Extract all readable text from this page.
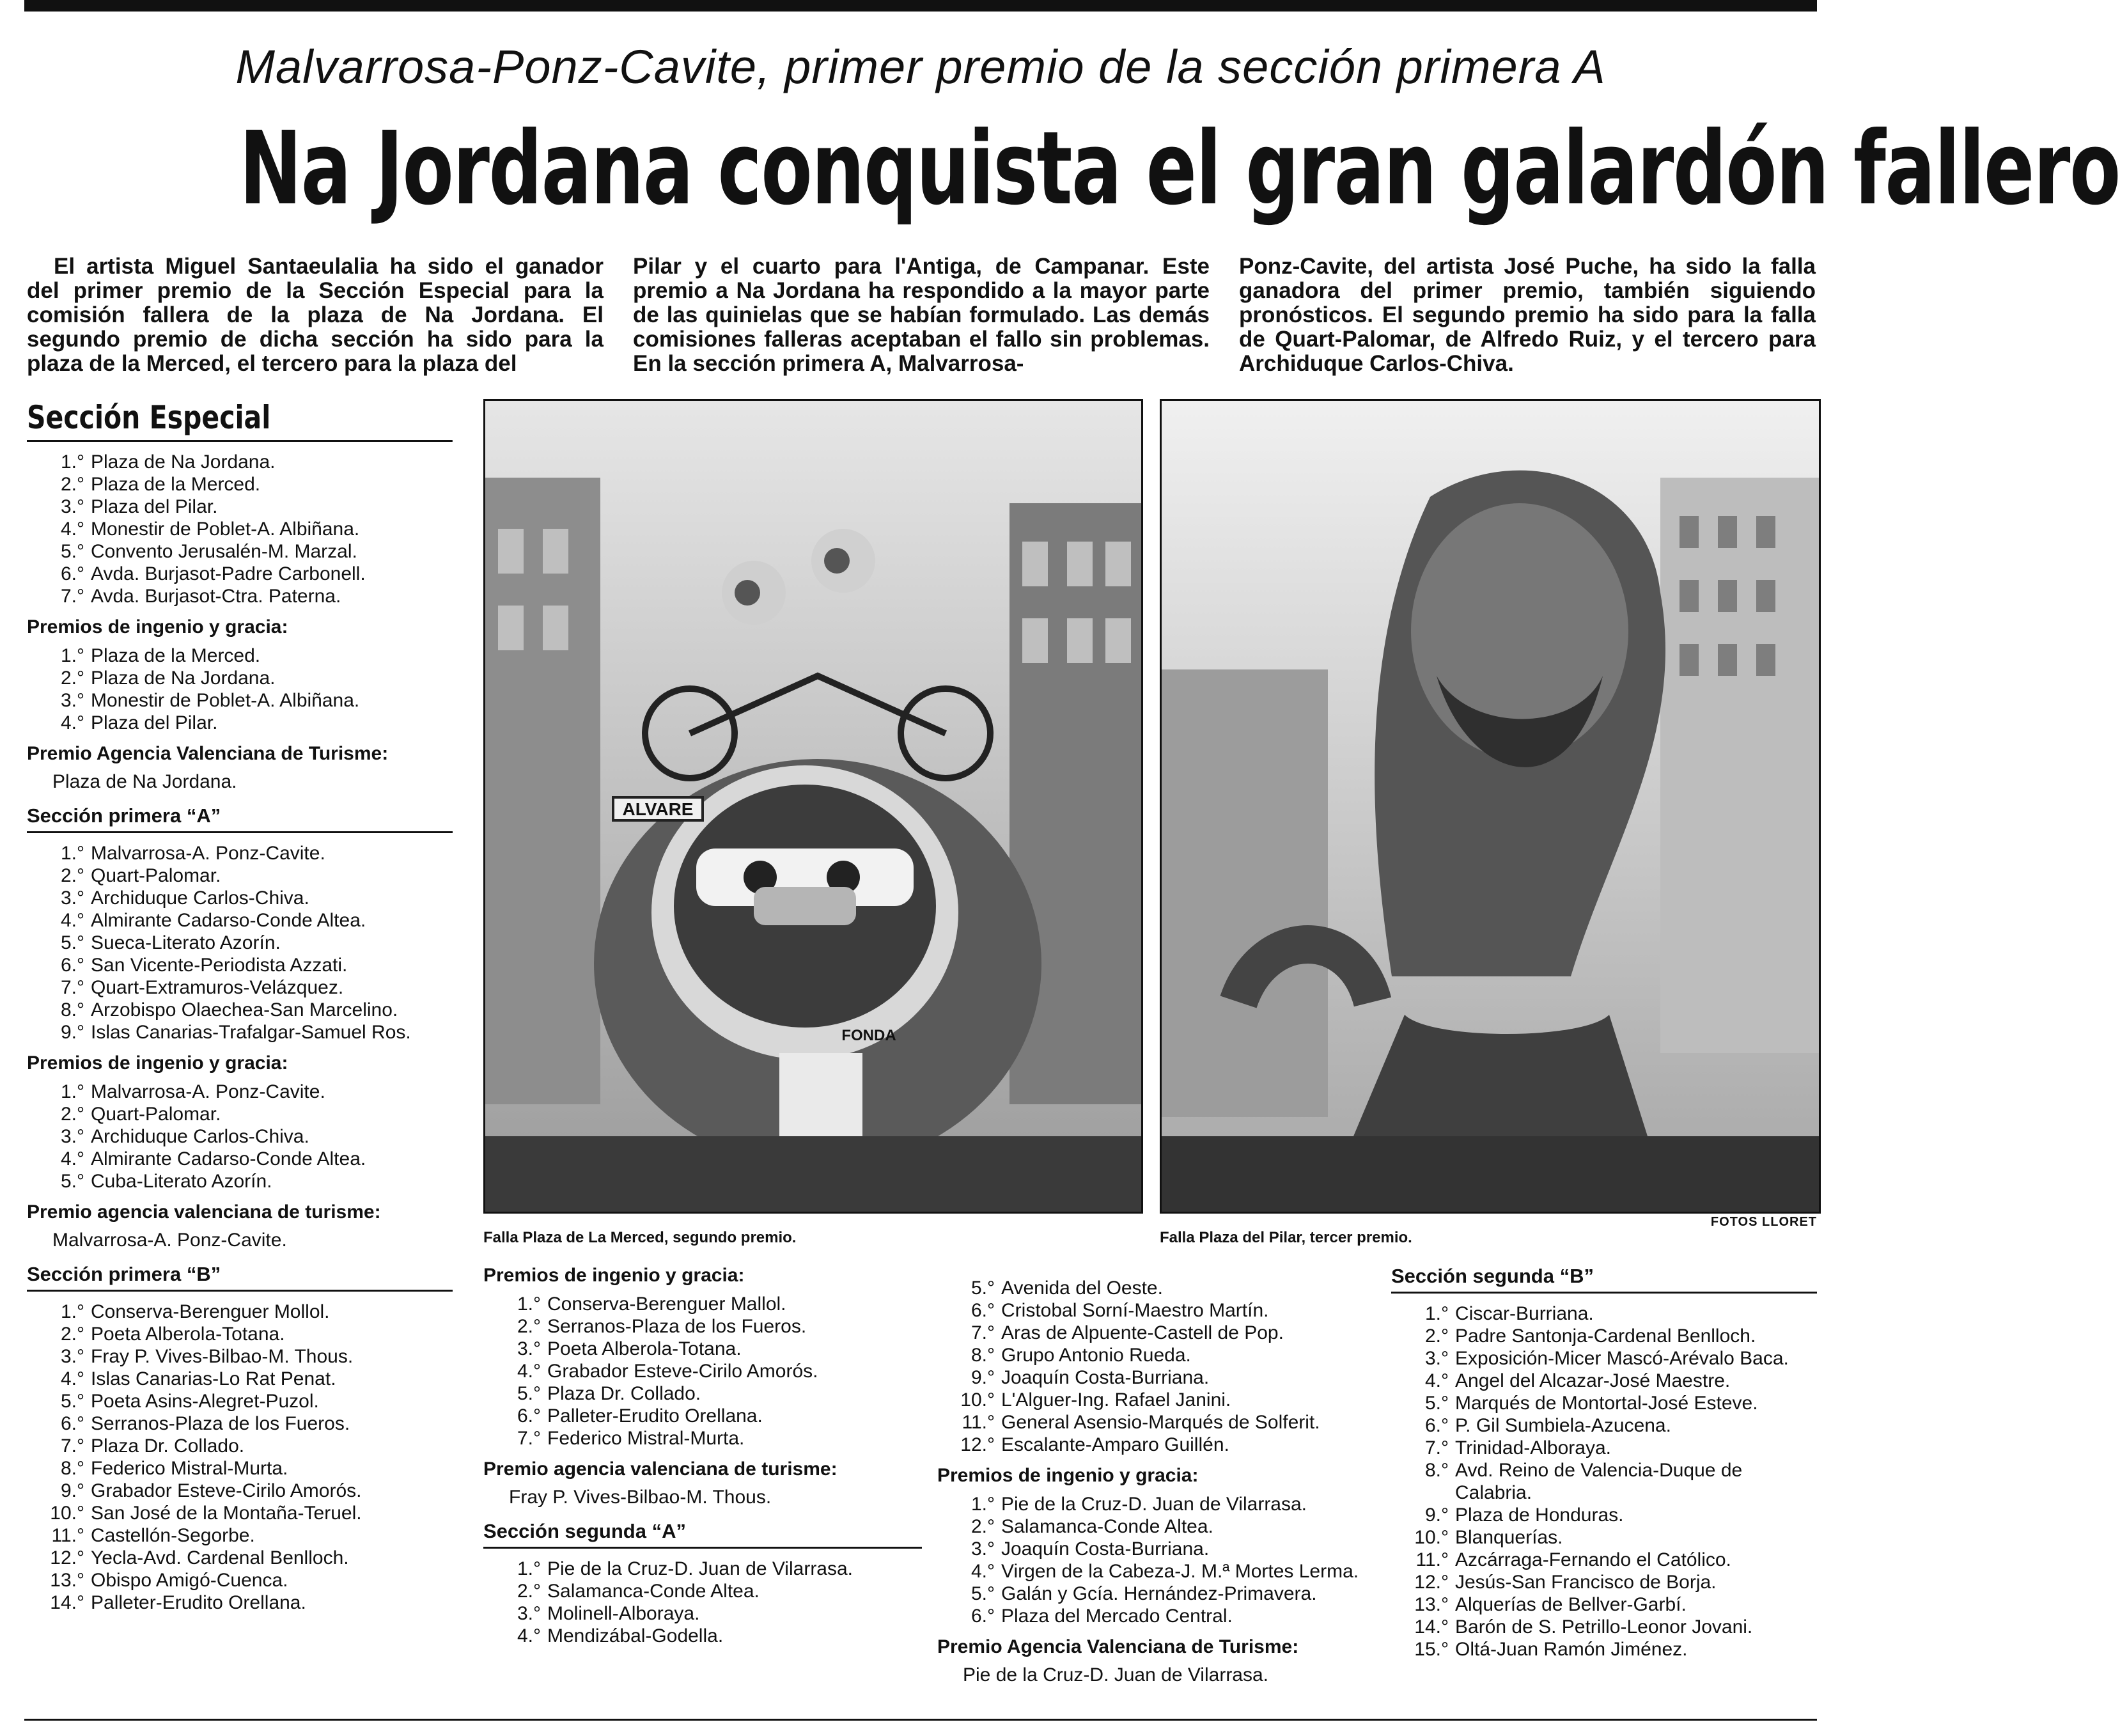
Malvarrosa-Ponz-Cavite, primer premio de la sección primera A
Na Jordana conquista el gran galardón fallero
El artista Miguel Santaeulalia ha sido el ganador del primer premio de la Sección Especial para la comisión fallera de la plaza de Na Jordana. El segundo premio de dicha sección ha sido para la plaza de la Merced, el tercero para la plaza del
Pilar y el cuarto para l'Antiga, de Campanar. Este premio a Na Jordana ha respondido a la mayor parte de las quinielas que se habían formulado. Las demás comisiones falleras aceptaban el fallo sin problemas. En la sección primera A, Malvarrosa-
Ponz-Cavite, del artista José Puche, ha sido la falla ganadora del primer premio, también siguiendo pronósticos. El segundo premio ha sido para la falla de Quart-Palomar, de Alfredo Ruiz, y el tercero para Archiduque Carlos-Chiva.
Sección Especial
1.° Plaza de Na Jordana.
2.° Plaza de la Merced.
3.° Plaza del Pilar.
4.° Monestir de Poblet-A. Albiñana.
5.° Convento Jerusalén-M. Marzal.
6.° Avda. Burjasot-Padre Carbonell.
7.° Avda. Burjasot-Ctra. Paterna.
Premios de ingenio y gracia:
1.° Plaza de la Merced.
2.° Plaza de Na Jordana.
3.° Monestir de Poblet-A. Albiñana.
4.° Plaza del Pilar.
Premio Agencia Valenciana de Turisme:
Plaza de Na Jordana.
Sección primera “A”
1.° Malvarrosa-A. Ponz-Cavite.
2.° Quart-Palomar.
3.° Archiduque Carlos-Chiva.
4.° Almirante Cadarso-Conde Altea.
5.° Sueca-Literato Azorín.
6.° San Vicente-Periodista Azzati.
7.° Quart-Extramuros-Velázquez.
8.° Arzobispo Olaechea-San Marcelino.
9.° Islas Canarias-Trafalgar-Samuel Ros.
Premios de ingenio y gracia:
1.° Malvarrosa-A. Ponz-Cavite.
2.° Quart-Palomar.
3.° Archiduque Carlos-Chiva.
4.° Almirante Cadarso-Conde Altea.
5.° Cuba-Literato Azorín.
Premio agencia valenciana de turisme:
Malvarrosa-A. Ponz-Cavite.
Sección primera “B”
1.° Conserva-Berenguer Mollol.
2.° Poeta Alberola-Totana.
3.° Fray P. Vives-Bilbao-M. Thous.
4.° Islas Canarias-Lo Rat Penat.
5.° Poeta Asins-Alegret-Puzol.
6.° Serranos-Plaza de los Fueros.
7.° Plaza Dr. Collado.
8.° Federico Mistral-Murta.
9.° Grabador Esteve-Cirilo Amorós.
10.° San José de la Montaña-Teruel.
11.° Castellón-Segorbe.
12.° Yecla-Avd. Cardenal Benlloch.
13.° Obispo Amigó-Cuenca.
14.° Palleter-Erudito Orellana.
ALVARE
FONDA
Falla Plaza de La Merced, segundo premio.	Falla Plaza del Pilar, tercer premio.
FOTOS LLORET
Premios de ingenio y gracia:
1.° Conserva-Berenguer Mallol.
2.° Serranos-Plaza de los Fueros.
3.° Poeta Alberola-Totana.
4.° Grabador Esteve-Cirilo Amorós.
5.° Plaza Dr. Collado.
6.° Palleter-Erudito Orellana.
7.° Federico Mistral-Murta.
Premio agencia valenciana de turisme:
Fray P. Vives-Bilbao-M. Thous.
Sección segunda “A”
1.° Pie de la Cruz-D. Juan de Vilarrasa.
2.° Salamanca-Conde Altea.
3.° Molinell-Alboraya.
4.° Mendizábal-Godella.
5.° Avenida del Oeste.
6.° Cristobal Sorní-Maestro Martín.
7.° Aras de Alpuente-Castell de Pop.
8.° Grupo Antonio Rueda.
9.° Joaquín Costa-Burriana.
10.° L'Alguer-Ing. Rafael Janini.
11.° General Asensio-Marqués de Solferit.
12.° Escalante-Amparo Guillén.
Premios de ingenio y gracia:
1.° Pie de la Cruz-D. Juan de Vilarrasa.
2.° Salamanca-Conde Altea.
3.° Joaquín Costa-Burriana.
4.° Virgen de la Cabeza-J. M.ª Mortes Lerma.
5.° Galán y Gcía. Hernández-Primavera.
6.° Plaza del Mercado Central.
Premio Agencia Valenciana de Turisme:
Pie de la Cruz-D. Juan de Vilarrasa.
Sección segunda “B”
1.° Ciscar-Burriana.
2.° Padre Santonja-Cardenal Benlloch.
3.° Exposición-Micer Mascó-Arévalo Baca.
4.° Angel del Alcazar-José Maestre.
5.° Marqués de Montortal-José Esteve.
6.° P. Gil Sumbiela-Azucena.
7.° Trinidad-Alboraya.
8.° Avd. Reino de Valencia-Duque de Calabria.
9.° Plaza de Honduras.
10.° Blanquerías.
11.° Azcárraga-Fernando el Católico.
12.° Jesús-San Francisco de Borja.
13.° Alquerías de Bellver-Garbí.
14.° Barón de S. Petrillo-Leonor Jovani.
15.° Oltá-Juan Ramón Jiménez.
